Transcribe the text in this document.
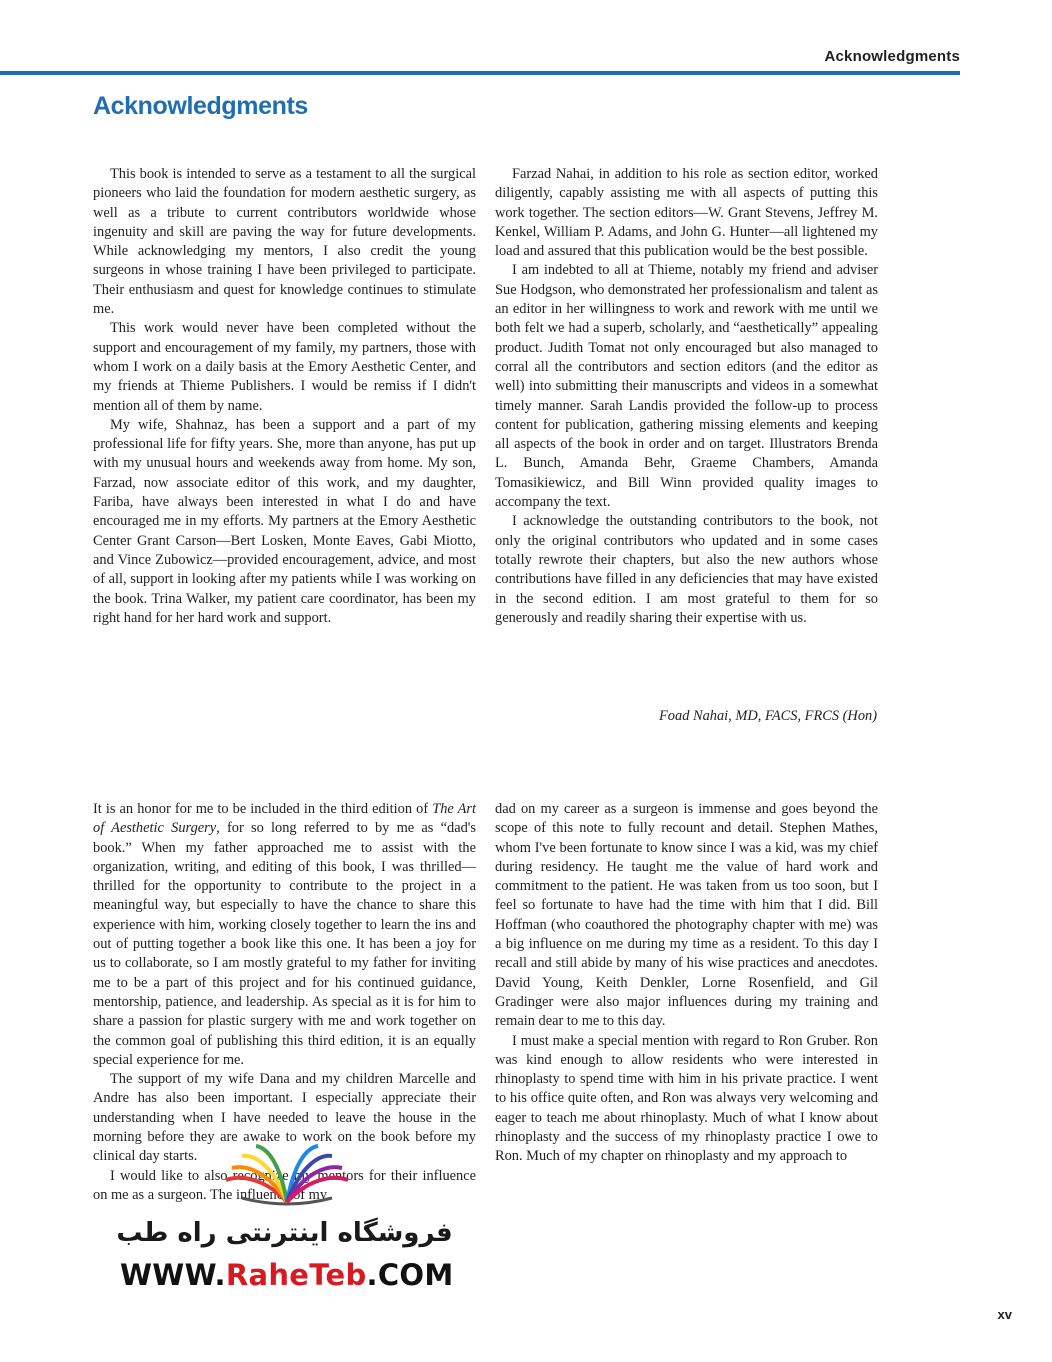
Acknowledgments
Acknowledgments

This book is intended to serve as a testament to all the surgical pioneers who laid the foundation for modern aesthetic surgery, as well as a tribute to current contributors worldwide whose ingenuity and skill are paving the way for future developments. While acknowledging my mentors, I also credit the young surgeons in whose training I have been privileged to participate. Their enthusiasm and quest for knowledge continues to stimulate me.

This work would never have been completed without the support and encouragement of my family, my partners, those with whom I work on a daily basis at the Emory Aesthetic Center, and my friends at Thieme Publishers. I would be remiss if I didn't mention all of them by name.

My wife, Shahnaz, has been a support and a part of my professional life for fifty years. She, more than anyone, has put up with my unusual hours and weekends away from home. My son, Farzad, now associate editor of this work, and my daughter, Fariba, have always been interested in what I do and have encouraged me in my efforts. My partners at the Emory Aesthetic Center Grant Carson—Bert Losken, Monte Eaves, Gabi Miotto, and Vince Zubowicz—provided encouragement, advice, and most of all, support in looking after my patients while I was working on the book. Trina Walker, my patient care coordinator, has been my right hand for her hard work and support.

Farzad Nahai, in addition to his role as section editor, worked diligently, capably assisting me with all aspects of putting this work together. The section editors—W. Grant Stevens, Jeffrey M. Kenkel, William P. Adams, and John G. Hunter—all lightened my load and assured that this publication would be the best possible.

I am indebted to all at Thieme, notably my friend and adviser Sue Hodgson, who demonstrated her professionalism and talent as an editor in her willingness to work and rework with me until we both felt we had a superb, scholarly, and “aesthetically” appealing product. Judith Tomat not only encouraged but also managed to corral all the contributors and section editors (and the editor as well) into submitting their manuscripts and videos in a somewhat timely manner. Sarah Landis provided the follow-up to process content for publication, gathering missing elements and keeping all aspects of the book in order and on target. Illustrators Brenda L. Bunch, Amanda Behr, Graeme Chambers, Amanda Tomasikiewicz, and Bill Winn provided quality images to accompany the text.

I acknowledge the outstanding contributors to the book, not only the original contributors who updated and in some cases totally rewrote their chapters, but also the new authors whose contributions have filled in any deficiencies that may have existed in the second edition. I am most grateful to them for so generously and readily sharing their expertise with us.

Foad Nahai, MD, FACS, FRCS (Hon)

It is an honor for me to be included in the third edition of The Art of Aesthetic Surgery, for so long referred to by me as “dad's book.” When my father approached me to assist with the organization, writing, and editing of this book, I was thrilled—thrilled for the opportunity to contribute to the project in a meaningful way, but especially to have the chance to share this experience with him, working closely together to learn the ins and out of putting together a book like this one. It has been a joy for us to collaborate, so I am mostly grateful to my father for inviting me to be a part of this project and for his continued guidance, mentorship, patience, and leadership. As special as it is for him to share a passion for plastic surgery with me and work together on the common goal of publishing this third edition, it is an equally special experience for me.

The support of my wife Dana and my children Marcelle and Andre has also been important. I especially appreciate their understanding when I have needed to leave the house in the morning before they are awake to work on the book before my clinical day starts.

I would like to also recognize my mentors for their influence on me as a surgeon. The influence of my

dad on my career as a surgeon is immense and goes beyond the scope of this note to fully recount and detail. Stephen Mathes, whom I've been fortunate to know since I was a kid, was my chief during residency. He taught me the value of hard work and commitment to the patient. He was taken from us too soon, but I feel so fortunate to have had the time with him that I did. Bill Hoffman (who coauthored the photography chapter with me) was a big influence on me during my time as a resident. To this day I recall and still abide by many of his wise practices and anecdotes. David Young, Keith Denkler, Lorne Rosenfield, and Gil Gradinger were also major influences during my training and remain dear to me to this day.

I must make a special mention with regard to Ron Gruber. Ron was kind enough to allow residents who were interested in rhinoplasty to spend time with him in his private practice. I went to his office quite often, and Ron was always very welcoming and eager to teach me about rhinoplasty. Much of what I know about rhinoplasty and the success of my rhinoplasty practice I owe to Ron. Much of my chapter on rhinoplasty and my approach to

xv
فروشگاه اینترنتی راه طب
WWW.RaheTeb.COM
